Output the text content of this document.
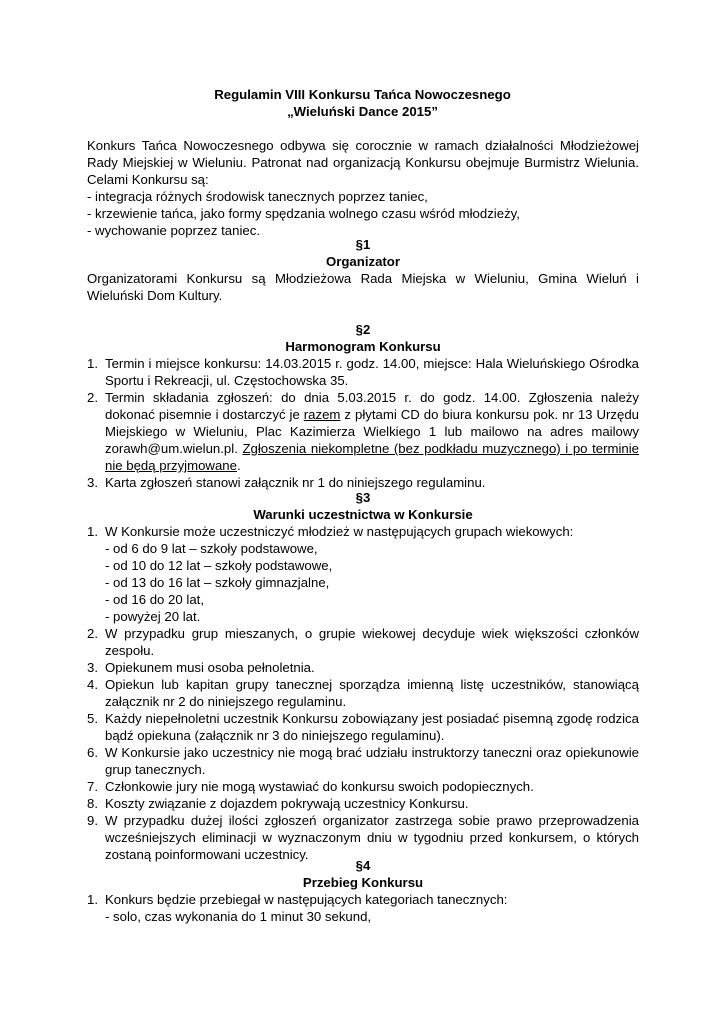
Regulamin VIII Konkursu Tańca Nowoczesnego
„Wieluński Dance 2015”

Konkurs Tańca Nowoczesnego odbywa się corocznie w ramach działalności Młodzieżowej Rady Miejskiej w Wieluniu. Patronat nad organizacją Konkursu obejmuje Burmistrz Wielunia. Celami Konkursu są:

- integracja różnych środowisk tanecznych poprzez taniec,
- krzewienie tańca, jako formy spędzania wolnego czasu wśród młodzieży,
- wychowanie poprzez taniec.
§1
Organizator
Organizatorami Konkursu są Młodzieżowa Rada Miejska w Wieluniu, Gmina Wieluń i Wieluński Dom Kultury.
§2
Harmonogram Konkursu
1. Termin i miejsce konkursu: 14.03.2015 r. godz. 14.00, miejsce: Hala Wieluńskiego Ośrodka Sportu i Rekreacji, ul. Częstochowska 35.
2. Termin składania zgłoszeń: do dnia 5.03.2015 r. do godz. 14.00. Zgłoszenia należy dokonać pisemnie i dostarczyć je razem z płytami CD do biura konkursu pok. nr 13 Urzędu Miejskiego w Wieluniu, Plac Kazimierza Wielkiego 1 lub mailowo na adres mailowy zorawh@um.wielun.pl. Zgłoszenia niekompletne (bez podkładu muzycznego) i po terminie nie będą przyjmowane.
3. Karta zgłoszeń stanowi załącznik nr 1 do niniejszego regulaminu.
§3
Warunki uczestnictwa w Konkursie
1. W Konkursie może uczestniczyć młodzież w następujących grupach wiekowych:
- od 6 do 9 lat – szkoły podstawowe,
- od 10 do 12 lat – szkoły podstawowe,
- od 13 do 16 lat – szkoły gimnazjalne,
- od 16 do 20 lat,
- powyżej 20 lat.
2. W przypadku grup mieszanych, o grupie wiekowej decyduje wiek większości członków zespołu.
3. Opiekunem musi osoba pełnoletnia.
4. Opiekun lub kapitan grupy tanecznej sporządza imienną listę uczestników, stanowiącą załącznik nr 2 do niniejszego regulaminu.
5. Każdy niepełnoletni uczestnik Konkursu zobowiązany jest posiadać pisemną zgodę rodzica bądź opiekuna (załącznik nr 3 do niniejszego regulaminu).
6. W Konkursie jako uczestnicy nie mogą brać udziału instruktorzy taneczni oraz opiekunowie grup tanecznych.
7. Członkowie jury nie mogą wystawiać do konkursu swoich podopiecznych.
8. Koszty związanie z dojazdem pokrywają uczestnicy Konkursu.
9. W przypadku dużej ilości zgłoszeń organizator zastrzega sobie prawo przeprowadzenia wcześniejszych eliminacji w wyznaczonym dniu w tygodniu przed konkursem, o których zostaną poinformowani uczestnicy.
§4
Przebieg Konkursu
1. Konkurs będzie przebiegał w następujących kategoriach tanecznych:
- solo, czas wykonania do 1 minut 30 sekund,
